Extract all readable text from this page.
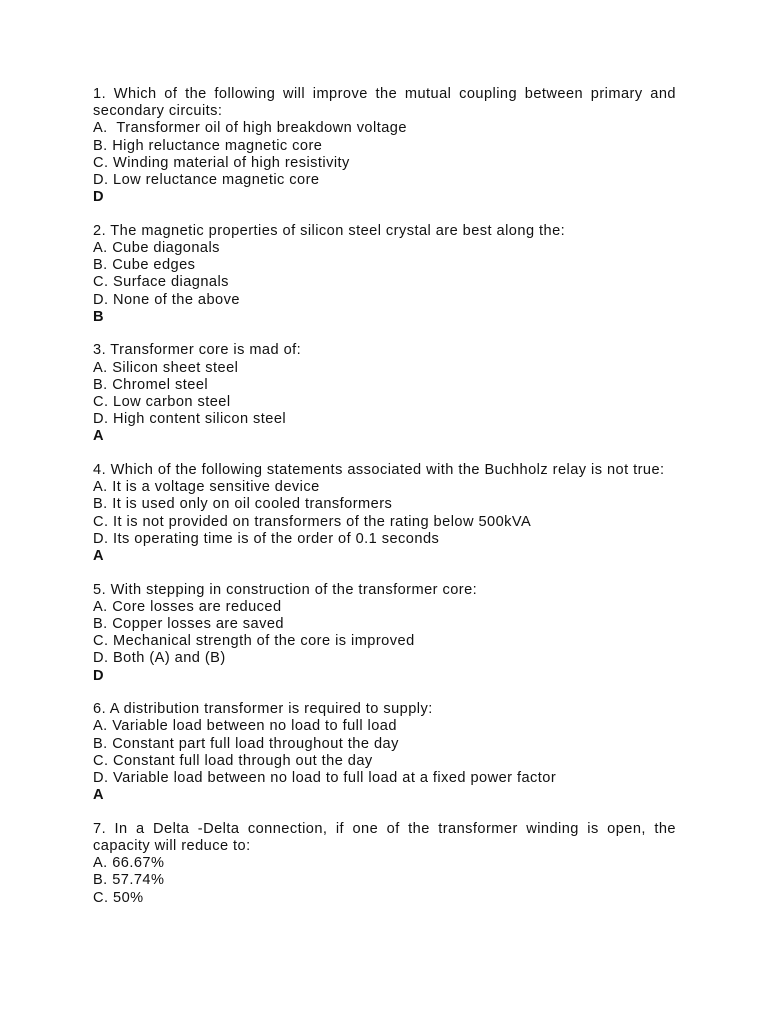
1. Which of the following will improve the mutual coupling between primary and secondary circuits:
A.  Transformer oil of high breakdown voltage
B. High reluctance magnetic core
C. Winding material of high resistivity
D. Low reluctance magnetic core
D
2. The magnetic properties of silicon steel crystal are best along the:
A. Cube diagonals
B. Cube edges
C. Surface diagnals
D. None of the above
B
3. Transformer core is mad of:
A. Silicon sheet steel
B. Chromel steel
C. Low carbon steel
D. High content silicon steel
A
4. Which of the following statements associated with the Buchholz relay is not true:
A. It is a voltage sensitive device
B. It is used only on oil cooled transformers
C. It is not provided on transformers of the rating below 500kVA
D. Its operating time is of the order of 0.1 seconds
A
5. With stepping in construction of the transformer core:
A. Core losses are reduced
B. Copper losses are saved
C. Mechanical strength of the core is improved
D. Both (A) and (B)
D
6. A distribution transformer is required to supply:
A. Variable load between no load to full load
B. Constant part full load throughout the day
C. Constant full load through out the day
D. Variable load between no load to full load at a fixed power factor
A
7. In a Delta -Delta connection, if one of the transformer winding is open, the capacity will reduce to:
A. 66.67%
B. 57.74%
C. 50%
